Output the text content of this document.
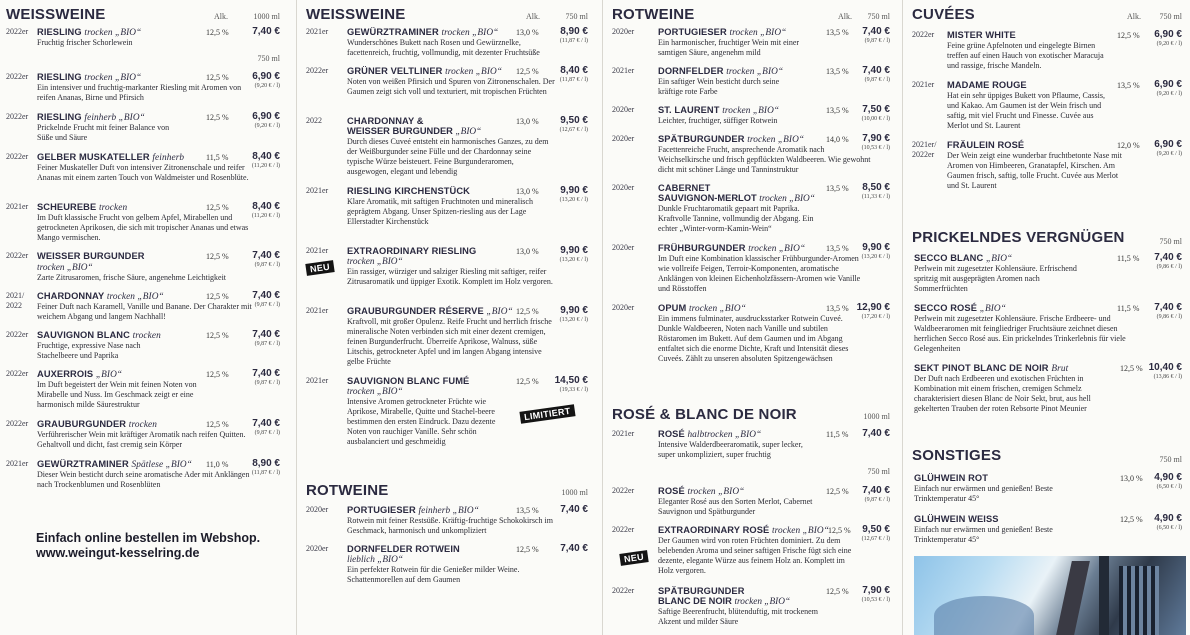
WEISSWEINE	Alk.	1000 ml
2022er RIESLING trocken „BIO“	12,5 % 7,40 €
Fruchtig frischer Schorlewein
750 ml
2022er RIESLING trocken „BIO“	12,5 % 6,90 €
(9,20 € / l)
Ein intensiver und fruchtig-markanter Riesling mit Aromen von reifen Ananas, Birne und Pfirsich
2022er RIESLING feinherb „BIO“	12,5 % 6,90 €
(9,20 € / l)
Prickelnde Frucht mit feiner Balance von Süße und Säure
2022er GELBER MUSKATELLER feinherb	11,5 % 8,40 €
(11,20 € / l)
Feiner Muskateller Duft von intensiver Zitronenschale und reifer Ananas mit einem zarten Touch von Waldmeister und Rosenblüte.
2021er SCHEUREBE trocken	12,5 % 8,40 €
(11,20 € / l)
Im Duft klassische Frucht von gelbem Apfel, Mirabellen und getrockneten Aprikosen, die sich mit tropischer Ananas und etwas Mango vermischen.
2022er WEISSER BURGUNDER
trocken „BIO“
12,5 % 7,40 €
(9,87 € / l)
Zarte Zitrusaromen, frische Säure, angenehme Leichtigkeit
2021/
2022
CHARDONNAY trocken „BIO“	12,5 % 7,40 €
(9,87 € / l)
Feiner Duft nach Karamell, Vanille und Banane. Der Charakter mit weichem Abgang und langem Nachhall!
2022er SAUVIGNON BLANC trocken	12,5 % 7,40 €
(9,87 € / l)
Fruchtige, expressive Nase nach Stachelbeere und Paprika
2022er AUXERROIS „BIO“	12,5 % 7,40 €
(9,87 € / l)
Im Duft begeistert der Wein mit feinen Noten von Mirabelle und Nuss. Im Geschmack zeigt er eine harmonisch milde Säurestruktur
2022er GRAUBURGUNDER trocken	12,5 % 7,40 €
(9,87 € / l)
Verführerischer Wein mit kräftiger Aromatik nach reifen Quitten. Gehaltvoll und dicht, fast cremig sein Körper
2021er GEWÜRZTRAMINER Spätlese „BIO“ 11,0 % 8,90 €
(11,87 € / l)
Dieser Wein besticht durch seine aromatische Ader mit Anklängen nach Trockenblumen und Rosenblüten
Einfach online bestellen im Webshop.
www.weingut-kesselring.de
WEISSWEINE	Alk.	750 ml
2021er	GEWÜRZTRAMINER trocken „BIO“ 13,0 % 8,90 €
(11,87 € / l)
Wunderschönes Bukett nach Rosen und Gewürznelke, facettenreich, fruchtig, vollmundig, mit dezenter Fruchtsüße
2022er	GRÜNER VELTLINER trocken „BIO“ 12,5 % 8,40 €
(11,87 € / l)
Noten von weißen Pfirsich und Spuren von Zitronenschalen. Der Gaumen zeigt sich voll und texturiert, mit tropischen Früchten
2022	CHARDONNAY &
WEISSER BURGUNDER „BIO“
13,0 % 9,50 €
(12,67 € / l)
Durch dieses Cuveé entsteht ein harmonisches Ganzes, zu dem der Weißburgunder seine Fülle und der Chardonnay seine typische Würze beisteuert. Feine Burgunderaromen, ausgewogen, elegant und lebendig
2021er	RIESLING KIRCHENSTÜCK	13,0 % 9,90 €
(13,20 € / l)
Klare Aromatik, mit saftigen Fruchtnoten und mineralisch geprägtem Abgang. Unser Spitzen-riesling aus der Lage Ellerstadter Kirchenstück
2021er	EXTRAORDINARY RIESLING
trocken „BIO“
13,0 % 9,90 €
(13,20 € / l)
Ein rassiger, würziger und salziger Riesling mit saftiger, reifer Zitrusaromatik und üppiger Exotik. Komplett im Holz vergoren.
NEU
2021er	GRAUBURGUNDER RÉSERVE „BIO“ 12,5 % 9,90 €
(13,20 € / l)
Kraftvoll, mit großer Opulenz. Reife Frucht und herrlich frische mineralische Noten verbinden sich mit einer dezent cremigen, feinen Burgunderfrucht. Überreife Aprikose, Walnuss, süße Litschis, getrockneter Apfel und im langen Abgang intensive gelbe Früchte
2021er	SAUVIGNON BLANC FUMÉ
trocken „BIO“
12,5 % 14,50 €
(19,33 € / l)
Intensive Aromen getrockneter Früchte wie Aprikose, Mirabelle, Quitte und Stachel-beere bestimmen den ersten Eindruck. Dazu dezente Noten von rauchiger Vanille. Sehr schön ausbalanciert und geschmeidig
LIMITIERT
ROTWEINE	1000 ml
2020er	PORTUGIESER feinherb „BIO“	13,5 % 7,40 €
Rotwein mit feiner Restsüße. Kräftig-fruchtige Schokokirsch im Geschmack, harmonisch und unkompliziert
2020er	DORNFELDER ROTWEIN
lieblich „BIO“
12,5 % 7,40 €
Ein perfekter Rotwein für die Genießer milder Weine. Schattenmorellen auf dem Gaumen
ROTWEINE	Alk. 750 ml
2020er	PORTUGIESER trocken „BIO“	13,5 % 7,40 €
(9,87 € / l)
Ein harmonischer, fruchtiger Wein mit einer samtigen Säure, angenehm mild
2021er	DORNFELDER trocken „BIO“	13,5 % 7,40 €
(9,87 € / l)
Ein saftiger Wein besticht durch seine kräftige rote Farbe
2020er	ST. LAURENT trocken „BIO“	13,5 % 7,50 €
(10,00 € / l)
Leichter, fruchtiger, süffiger Rotwein
2020er	SPÄTBURGUNDER trocken „BIO“	14,0 % 7,90 €
(10,53 € / l)
Facettenreiche Frucht, ansprechende Aromatik nach Weichselkirsche und frisch gepflückten Waldbeeren. Wie gewohnt dicht mit schöner Länge und Tanninstruktur
2020er	CABERNET
SAUVIGNON-MERLOT trocken „BIO“
13,5 % 8,50 €
(11,33 € / l)
Dunkle Fruchtaromatik gepaart mit Paprika. Kraftvolle Tannine, vollmundig der Abgang. Ein echter „Winter-vorm-Kamin-Wein“
2020er	FRÜHBURGUNDER trocken „BIO“	13,5 % 9,90 €
(13,20 € / l)
Im Duft eine Kombination klassischer Frühburgunder-Aromen wie vollreife Feigen, Terroir-Komponenten, aromatische Anklängen von kleinen Eichenholzfässern-Aromen wie Vanille und Rösstoffen
2020er	OPUM trocken „BIO“	13,5 % 12,90 €
(17,20 € / l)
Ein immens fulminater, ausdrucksstarker Rotwein Cuveé. Dunkle Waldbeeren, Noten nach Vanille und subtilen Röstaromen im Bukett. Auf dem Gaumen und im Abgang entfaltet sich die enorme Dichte, Kraft und Intensität dieses Cuveés. Zählt zu unseren absoluten Spitzengewächsen
ROSÉ & BLANC DE NOIR	1000 ml
2021er	ROSÉ halbtrocken „BIO“	11,5 % 7,40 €
Intensive Walderdbeeraromatik, super lecker, super unkompliziert, super fruchtig
750 ml
2022er	ROSÉ trocken „BIO“	12,5 % 7,40 €
(9,87 € / l)
Eleganter Rosé aus den Sorten Merlot, Cabernet Sauvignon und Spätburgunder
2022er	EXTRAORDINARY ROSÉ trocken „BIO“ 12,5 % 9,50 €
(12,67 € / l)
Der Gaumen wird von roten Früchten dominiert. Zu dem belebenden Aroma und seiner saftigen Frische fügt sich eine dezente, elegante Würze aus feinem Holz an. Komplett im Holz vergoren.
NEU
2022er	SPÄTBURGUNDER
BLANC DE NOIR trocken „BIO“
12,5 % 7,90 €
(10,53 € / l)
Saftige Beerenfrucht, blütenduftig, mit trockenem Akzent und milder Säure
CUVÉES	Alk. 750 ml
2022er	MISTER WHITE	12,5 % 6,90 €
(9,20 € / l)
Feine grüne Apfelnoten und eingelegte Birnen treffen auf einen Hauch von exotischer Maracuja und rassige, frische Mandeln.
2021er	MADAME ROUGE	13,5 % 6,90 €
(9,20 € / l)
Hat ein sehr üppiges Bukett von Pflaume, Cassis, und Kakao. Am Gaumen ist der Wein frisch und saftig, mit viel Frucht und Finesse. Cuvée aus Merlot und St. Laurent
2021er/
2022er
FRÄULEIN ROSÉ	12,0 % 6,90 €
(9,20 € / l)
Der Wein zeigt eine wunderbar fruchtbetonte Nase mit Aromen von Himbeeren, Granatapfel, Kirschen. Am Gaumen frisch, saftig, tolle Frucht. Cuvée aus Merlot und St. Laurent
PRICKELNDES VERGNÜGEN	750 ml
SECCO BLANC „BIO“	11,5 % 7,40 €
(9,86 € / l)
Perlwein mit zugesetzter Kohlensäure. Erfrischend spritzig mit ausgeprägten Aromen nach Sommerfrüchten
SECCO ROSÉ „BIO“	11,5 % 7,40 €
(9,86 € / l)
Perlwein mit zugesetzter Kohlensäure. Frische Erdbeere- und Waldbeeraromen mit feingliedriger Fruchtsäure zeichnet diesen herrlichen Secco Rosé aus. Ein prickelndes Trinkerlebnis für viele Gelegenheiten
SEKT PINOT BLANC DE NOIR Brut	12,5 % 10,40 €
(13,86 € / l)
Der Duft nach Erdbeeren und exotischen Früchten in Kombination mit einem frischen, cremigen Schmelz charakterisiert diesen Blanc de Noir Sekt, brut, aus hell gekelterten Trauben der roten Rebsorte Pinot Meunier
SONSTIGES	750 ml
GLÜHWEIN ROT	13,0 % 4,90 €
(6,50 € / l)
Einfach nur erwärmen und genießen! Beste Trinktemperatur 45°
GLÜHWEIN WEISS	12,5 % 4,90 €
(6,50 € / l)
Einfach nur erwärmen und genießen! Beste Trinktemperatur 45°
